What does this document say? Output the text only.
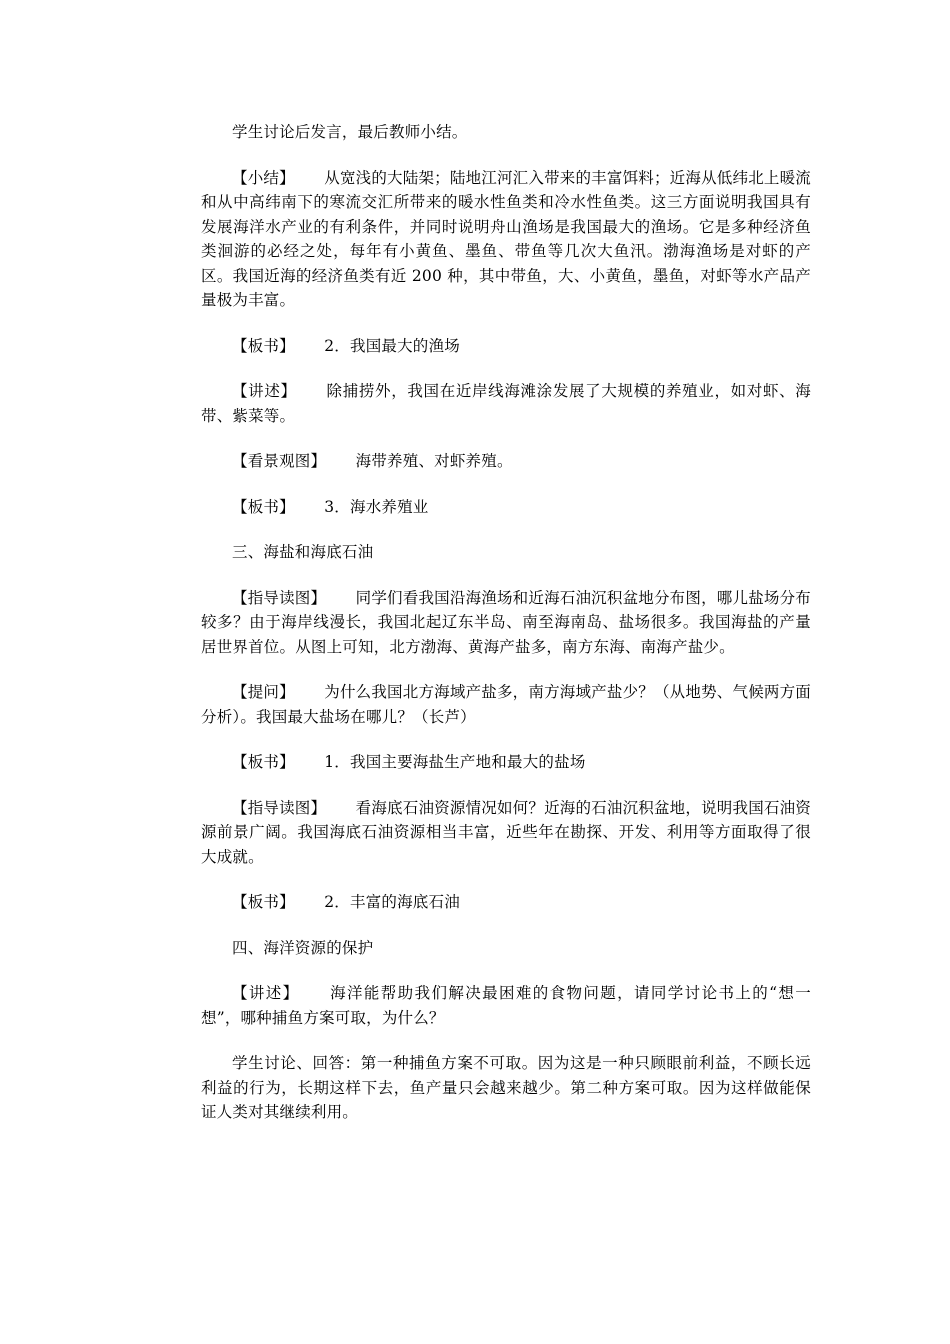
学生讨论后发言，最后教师小结。

【小结】 从宽浅的大陆架；陆地江河汇入带来的丰富饵料；近海从低纬北上暖流和从中高纬南下的寒流交汇所带来的暖水性鱼类和冷水性鱼类。这三方面说明我国具有发展海洋水产业的有利条件，并同时说明舟山渔场是我国最大的渔场。它是多种经济鱼类洄游的必经之处，每年有小黄鱼、墨鱼、带鱼等几次大鱼汛。渤海渔场是对虾的产区。我国近海的经济鱼类有近 200 种，其中带鱼，大、小黄鱼，墨鱼，对虾等水产品产量极为丰富。

【板书】 2．我国最大的渔场

【讲述】 除捕捞外，我国在近岸线海滩涂发展了大规模的养殖业，如对虾、海带、紫菜等。

【看景观图】 海带养殖、对虾养殖。

【板书】 3．海水养殖业

三、海盐和海底石油

【指导读图】 同学们看我国沿海渔场和近海石油沉积盆地分布图，哪儿盐场分布较多？由于海岸线漫长，我国北起辽东半岛、南至海南岛、盐场很多。我国海盐的产量居世界首位。从图上可知，北方渤海、黄海产盐多，南方东海、南海产盐少。

【提问】 为什么我国北方海域产盐多，南方海域产盐少？（从地势、气候两方面分析）。我国最大盐场在哪儿？（长芦）

【板书】 1．我国主要海盐生产地和最大的盐场

【指导读图】 看海底石油资源情况如何？近海的石油沉积盆地，说明我国石油资源前景广阔。我国海底石油资源相当丰富，近些年在勘探、开发、利用等方面取得了很大成就。

【板书】 2．丰富的海底石油

四、海洋资源的保护

【讲述】 海洋能帮助我们解决最困难的食物问题，请同学讨论书上的“想一想”，哪种捕鱼方案可取，为什么？

学生讨论、回答：第一种捕鱼方案不可取。因为这是一种只顾眼前利益，不顾长远利益的行为，长期这样下去，鱼产量只会越来越少。第二种方案可取。因为这样做能保证人类对其继续利用。
